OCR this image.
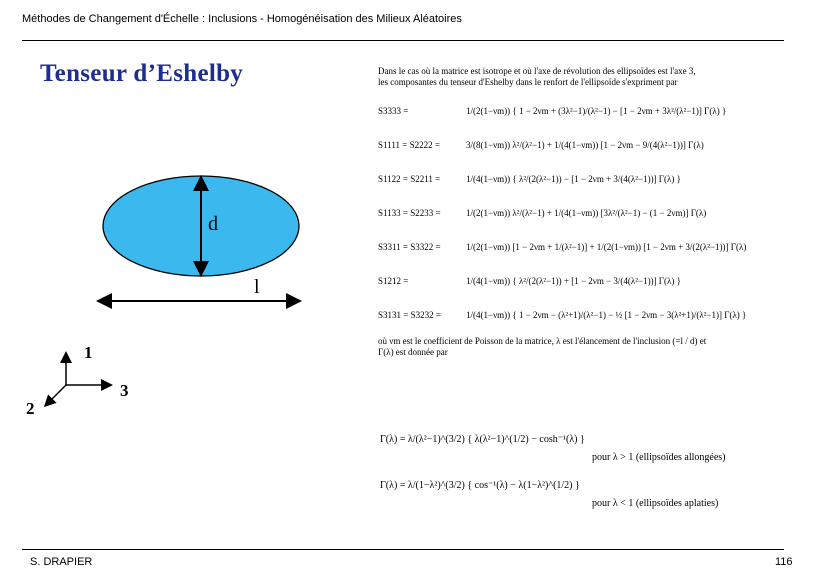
Méthodes de Changement d'Échelle : Inclusions - Homogénéisation des Milieux Aléatoires
Tenseur d’Eshelby
d
l
1
2
3

Dans le cas où la matrice est isotrope et où l'axe de révolution des ellipsoïdes est l'axe 3,

les composantes du tenseur d'Eshelby dans le renfort de l'ellipsoïde s'expriment par

S3333 =	1/(2(1−νm)) { 1 − 2νm + (3λ²−1)/(λ²−1) − [1 − 2νm + 3λ²/(λ²−1)] Γ(λ) }
S1111 = S2222 =	3/(8(1−νm)) λ²/(λ²−1) + 1/(4(1−νm)) [1 − 2νm − 9/(4(λ²−1))] Γ(λ)
S1122 = S2211 =	1/(4(1−νm)) { λ²/(2(λ²−1)) − [1 − 2νm + 3/(4(λ²−1))] Γ(λ) }
S1133 = S2233 =	1/(2(1−νm)) λ²/(λ²−1) + 1/(4(1−νm)) [3λ²/(λ²−1) − (1 − 2νm)] Γ(λ)
S3311 = S3322 =	1/(2(1−νm)) [1 − 2νm + 1/(λ²−1)] + 1/(2(1−νm)) [1 − 2νm + 3/(2(λ²−1))] Γ(λ)
S1212 =	1/(4(1−νm)) { λ²/(2(λ²−1)) + [1 − 2νm − 3/(4(λ²−1))] Γ(λ) }
S3131 = S3232 =	1/(4(1−νm)) { 1 − 2νm − (λ²+1)/(λ²−1) − ½ [1 − 2νm − 3(λ²+1)/(λ²−1)] Γ(λ) }

où νm est le coefficient de Poisson de la matrice, λ est l'élancement de l'inclusion (=l / d) et

Γ(λ) est donnée par

Γ(λ) = λ/(λ²−1)^(3/2) { λ(λ²−1)^(1/2) − cosh⁻¹(λ) }
pour λ > 1 (ellipsoïdes allongées)
Γ(λ) = λ/(1−λ²)^(3/2) { cos⁻¹(λ) − λ(1−λ²)^(1/2) }
pour λ < 1 (ellipsoïdes aplaties)
S. DRAPIER	116
